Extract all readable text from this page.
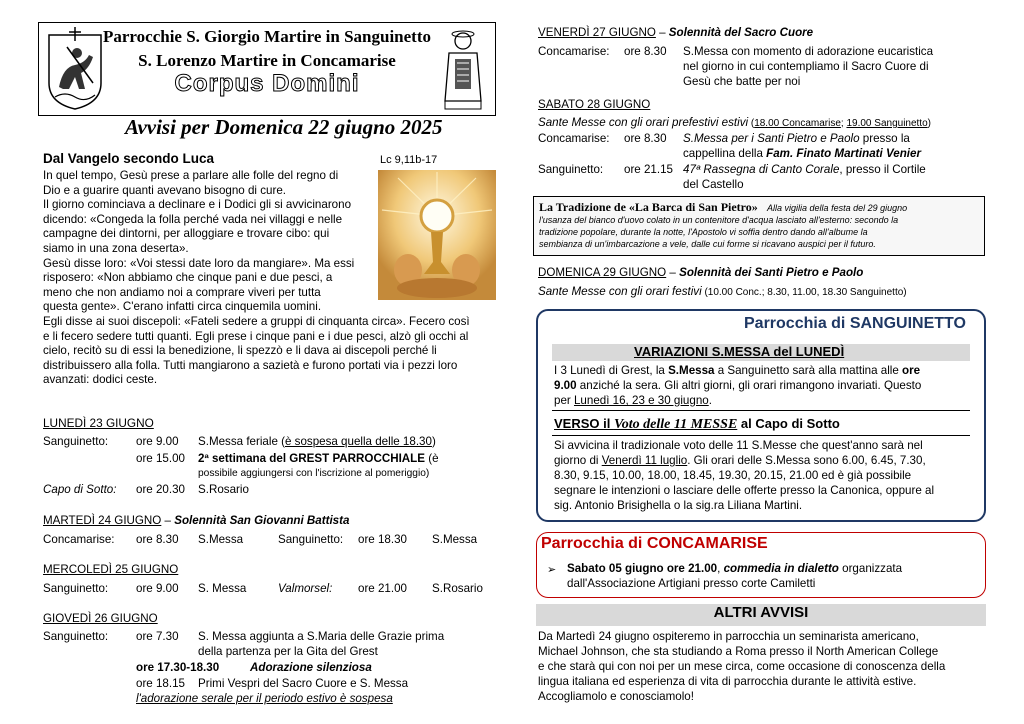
Parrocchie S. Giorgio Martire in Sanguinetto
S. Lorenzo Martire in Concamarise
Corpus Domini
Avvisi per Domenica 22 giugno 2025
Dal Vangelo secondo Luca	Lc 9,11b-17
In quel tempo, Gesù prese a parlare alle folle del regno di
Dio e a guarire quanti avevano bisogno di cure.
Il giorno cominciava a declinare e i Dodici gli si avvicinarono
dicendo: «Congeda la folla perché vada nei villaggi e nelle
campagne dei dintorni, per alloggiare e trovare cibo: qui
siamo in una zona deserta».
Gesù disse loro: «Voi stessi date loro da mangiare». Ma essi
risposero: «Non abbiamo che cinque pani e due pesci, a
meno che non andiamo noi a comprare viveri per tutta
questa gente». C'erano infatti circa cinquemila uomini.
Egli disse ai suoi discepoli: «Fateli sedere a gruppi di cinquanta circa». Fecero così
e li fecero sedere tutti quanti. Egli prese i cinque pani e i due pesci, alzò gli occhi al
cielo, recitò su di essi la benedizione, li spezzò e li dava ai discepoli perché li
distribuissero alla folla. Tutti mangiarono a sazietà e furono portati via i pezzi loro
avanzati: dodici ceste.
LUNEDÌ 23 GIUGNO
Sanguinetto: ore 9.00 S.Messa feriale (è sospesa quella delle 18.30)
ore 15.00 2ª settimana del GREST PARROCCHIALE (è
possibile aggiungersi con l'iscrizione al pomeriggio)
Capo di Sotto: ore 20.30 S.Rosario
MARTEDÌ 24 GIUGNO – Solennità San Giovanni Battista
Concamarise: ore 8.30 S.Messa	Sanguinetto: ore 18.30 S.Messa
MERCOLEDÌ 25 GIUGNO
Sanguinetto: ore 9.00 S. Messa	Valmorsel: ore 21.00 S.Rosario
GIOVEDÌ 26 GIUGNO
Sanguinetto: ore 7.30 S. Messa aggiunta a S.Maria delle Grazie prima
della partenza per la Gita del Grest
ore 17.30-18.30	Adorazione silenziosa
ore 18.15 Primi Vespri del Sacro Cuore e S. Messa
l'adorazione serale per il periodo estivo è sospesa
VENERDÌ 27 GIUGNO – Solennità del Sacro Cuore
Concamarise: ore 8.30 S.Messa con momento di adorazione eucaristica
nel giorno in cui contempliamo il Sacro Cuore di
Gesù che batte per noi
SABATO 28 GIUGNO
Sante Messe con gli orari prefestivi estivi (18.00 Concamarise; 19.00 Sanguinetto)
Concamarise: ore 8.30 S.Messa per i Santi Pietro e Paolo presso la
cappellina della Fam. Finato Martinati Venier
Sanguinetto: ore 21.15 47ª Rassegna di Canto Corale, presso il Cortile
del Castello
La Tradizione de «La Barca di San Pietro» Alla vigilia della festa del 29 giugno
l'usanza del bianco d'uovo colato in un contenitore d'acqua lasciato all'esterno: secondo la
tradizione popolare, durante la notte, l'Apostolo vi soffia dentro dando all'albume la
sembianza di un'imbarcazione a vele, dalle cui forme si ricavano auspici per il futuro.
DOMENICA 29 GIUGNO – Solennità dei Santi Pietro e Paolo
Sante Messe con gli orari festivi (10.00 Conc.; 8.30, 11.00, 18.30 Sanguinetto)
Parrocchia di SANGUINETTO
VARIAZIONI S.MESSA del LUNEDÌ
I 3 Lunedì di Grest, la S.Messa a Sanguinetto sarà alla mattina alle ore
9.00 anziché la sera. Gli altri giorni, gli orari rimangono invariati. Questo
per Lunedì 16, 23 e 30 giugno.
VERSO il Voto delle 11 MESSE al Capo di Sotto
Si avvicina il tradizionale voto delle 11 S.Messe che quest'anno sarà nel
giorno di Venerdì 11 luglio. Gli orari delle S.Messa sono 6.00, 6.45, 7.30,
8.30, 9.15, 10.00, 18.00, 18.45, 19.30, 20.15, 21.00 ed è già possibile
segnare le intenzioni o lasciare delle offerte presso la Canonica, oppure al
sig. Antonio Brisighella o la sig.ra Liliana Martini.
Parrocchia di CONCAMARISE
➢ Sabato 05 giugno ore 21.00, commedia in dialetto organizzata
dall'Associazione Artigiani presso corte Camiletti
ALTRI AVVISI
Da Martedì 24 giugno ospiteremo in parrocchia un seminarista americano,
Michael Johnson, che sta studiando a Roma presso il North American College
e che starà qui con noi per un mese circa, come occasione di conoscenza della
lingua italiana ed esperienza di vita di parrocchia durante le attività estive.
Accogliamolo e conosciamolo!
